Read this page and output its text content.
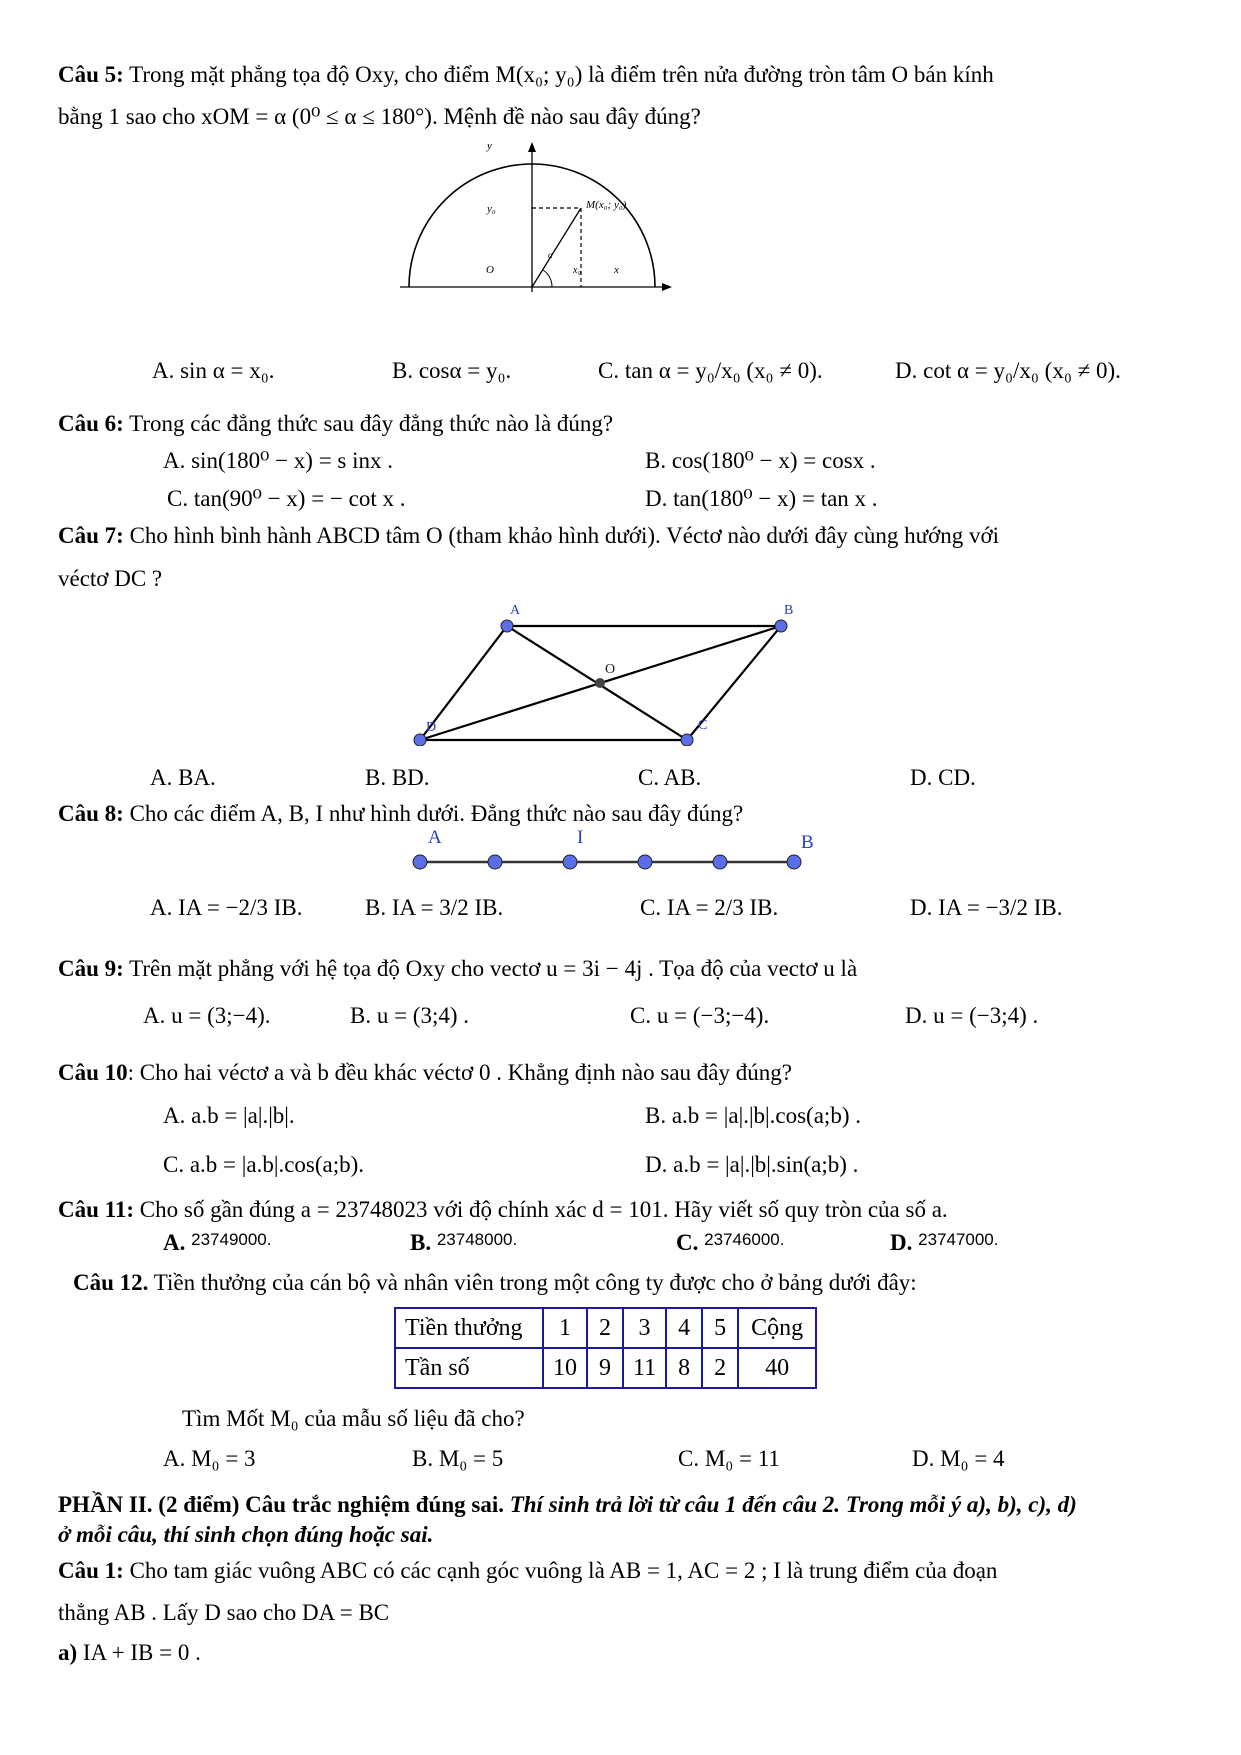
Câu 5: Trong mặt phẳng tọa độ Oxy, cho điểm M(x₀; y₀) là điểm trên nửa đường tròn tâm O bán kính
bằng 1 sao cho xOM = α (0⁰ ≤ α ≤ 180°). Mệnh đề nào sau đây đúng?
y
x
O
y₀
x₀
α
M(x₀; y₀)
A. sin α = x₀.	B. cosα = y₀.	C. tan α = y₀/x₀ (x₀ ≠ 0).	D. cot α = y₀/x₀ (x₀ ≠ 0).
Câu 6: Trong các đẳng thức sau đây đẳng thức nào là đúng?
A. sin(180⁰ − x) = s inx .	B. cos(180⁰ − x) = cosx .
C. tan(90⁰ − x) = − cot x .	D. tan(180⁰ − x) = tan x .
Câu 7: Cho hình bình hành ABCD tâm O (tham khảo hình dưới). Véctơ nào dưới đây cùng hướng với
véctơ DC ?
A	B
C
D
O
A. BA.	B. BD.	C. AB.	D. CD.
Câu 8: Cho các điểm A, B, I như hình dưới. Đẳng thức nào sau đây đúng?
A	I	B
A. IA = −2/3 IB.	B. IA = 3/2 IB.	C. IA = 2/3 IB.	D. IA = −3/2 IB.
Câu 9: Trên mặt phẳng với hệ tọa độ Oxy cho vectơ u = 3i − 4j . Tọa độ của vectơ u là
A. u = (3;−4).	B. u = (3;4) .	C. u = (−3;−4).	D. u = (−3;4) .
Câu 10: Cho hai véctơ a và b đều khác véctơ 0 . Khẳng định nào sau đây đúng?
A. a.b = |a|.|b|.	B. a.b = |a|.|b|.cos(a;b) .
C. a.b = |a.b|.cos(a;b).	D. a.b = |a|.|b|.sin(a;b) .
Câu 11: Cho số gần đúng a = 23748023 với độ chính xác d = 101. Hãy viết số quy tròn của số a.
A. $^{23749000.}$	B. $^{23748000.}$	C. $^{23746000.}$	D. $^{23747000.}$
Câu 12. Tiền thưởng của cán bộ và nhân viên trong một công ty được cho ở bảng dưới đây:
Tiền thưởng	1	2	3	4	5	Cộng
Tần số	10	9	11	8	2	40
Tìm Mốt M₀ của mẫu số liệu đã cho?
A. M₀ = 3	B. M₀ = 5	C. M₀ = 11	D. M₀ = 4
PHẦN II. (2 điểm) Câu trắc nghiệm đúng sai. Thí sinh trả lời từ câu 1 đến câu 2. Trong mỗi ý a), b), c), d)
ở mỗi câu, thí sinh chọn đúng hoặc sai.
Câu 1: Cho tam giác vuông ABC có các cạnh góc vuông là AB = 1, AC = 2 ; I là trung điểm của đoạn
thẳng AB . Lấy D sao cho DA = BC
a) IA + IB = 0 .
